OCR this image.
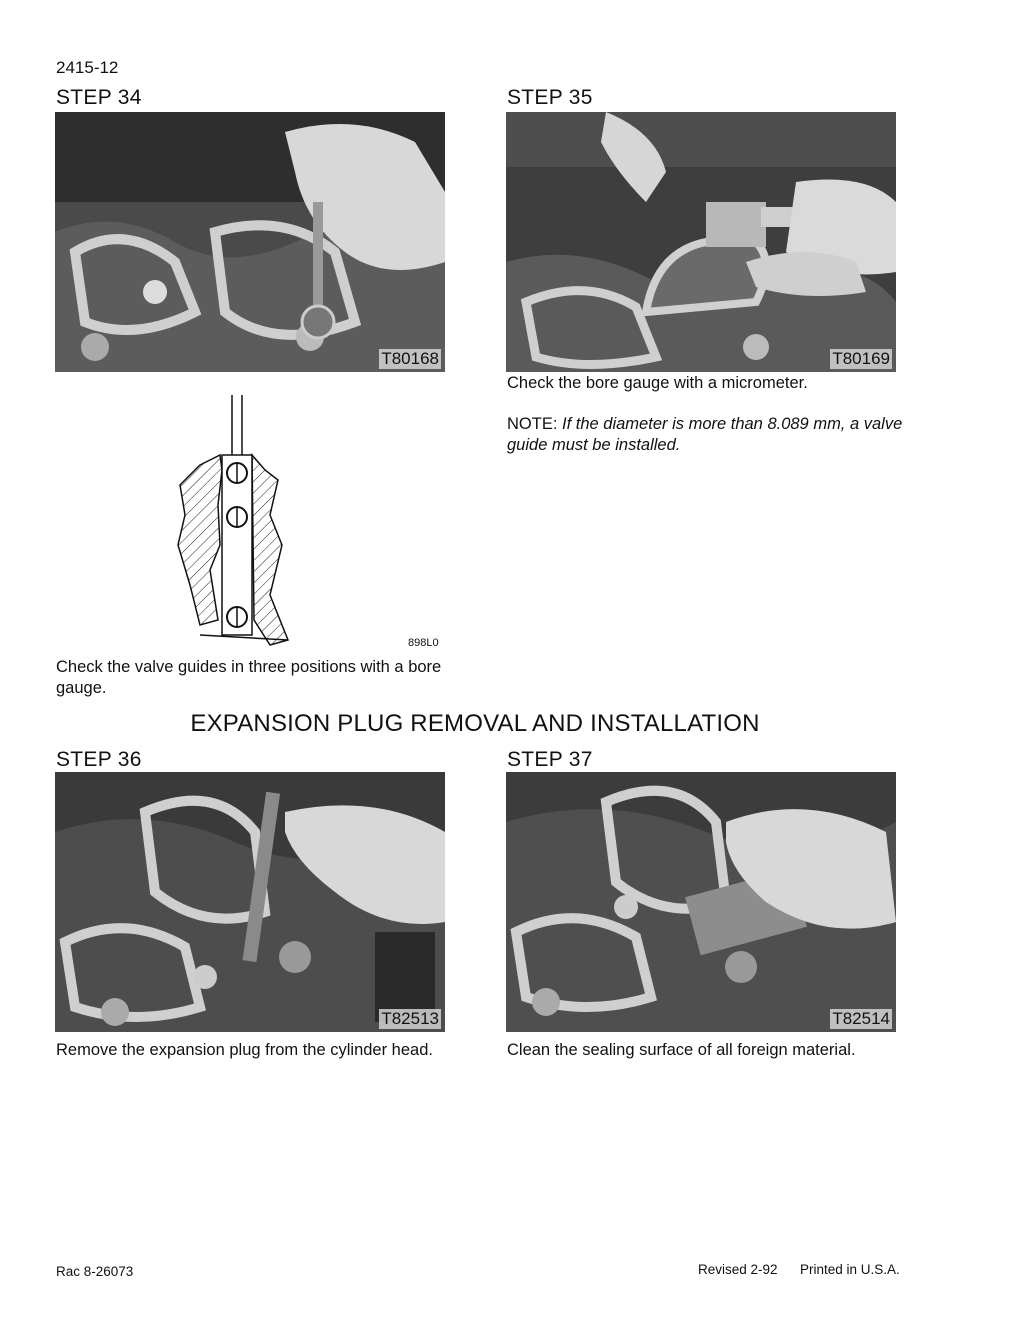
2415-12
STEP 34
T80168
898L0
Check the valve guides in three positions with a bore gauge.
STEP 35
T80169
Check the bore gauge with a micrometer.
NOTE: If the diameter is more than 8.089 mm, a valve guide must be installed.
EXPANSION PLUG REMOVAL AND INSTALLATION
STEP 36
T82513
Remove the expansion plug from the cylinder head.
STEP 37
T82514
Clean the sealing surface of all foreign material.
Rac 8-26073	Revised 2-92 Printed in U.S.A.
